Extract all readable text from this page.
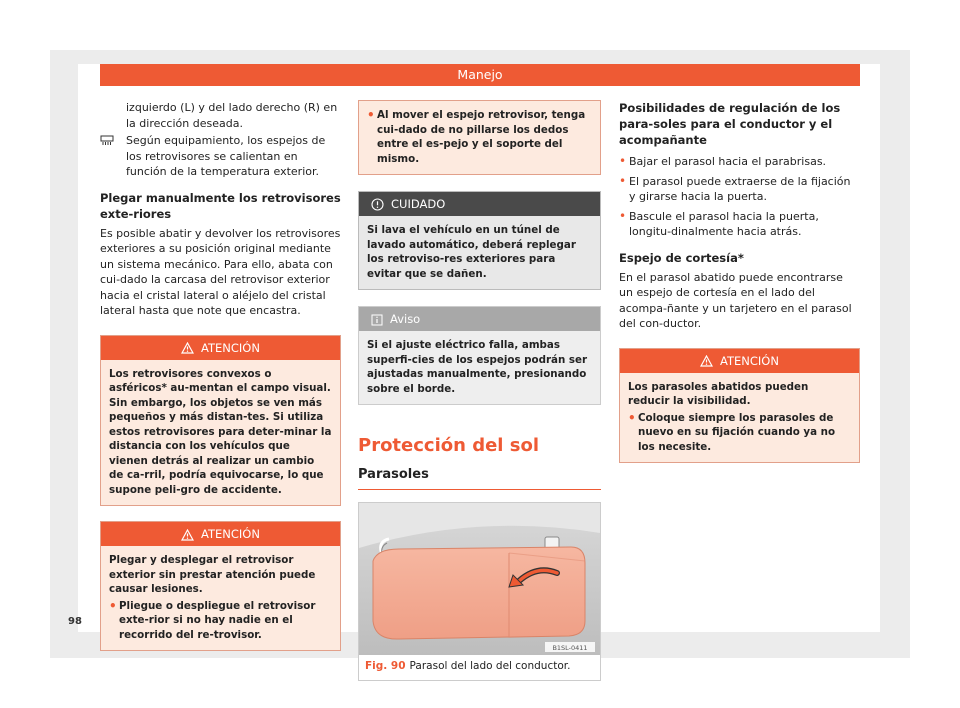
Manejo

izquierdo (L) y del lado derecho (R) en la dirección deseada.

Según equipamiento, los espejos de los retrovisores se calientan en función de la temperatura exterior.

Plegar manualmente los retrovisores exte-riores

Es posible abatir y devolver los retrovisores exteriores a su posición original mediante un sistema mecánico. Para ello, abata con cui-dado la carcasa del retrovisor exterior hacia el cristal lateral o aléjelo del cristal lateral hasta que note que encastra.

ATENCIÓN

Los retrovisores convexos o asféricos* au-mentan el campo visual. Sin embargo, los objetos se ven más pequeños y más distan-tes. Si utiliza estos retrovisores para deter-minar la distancia con los vehículos que vienen detrás al realizar un cambio de ca-rril, podría equivocarse, lo que supone peli-gro de accidente.

ATENCIÓN

Plegar y desplegar el retrovisor exterior sin prestar atención puede causar lesiones.

• Pliegue o despliegue el retrovisor exte-rior si no hay nadie en el recorrido del re-trovisor.

• Al mover el espejo retrovisor, tenga cui-dado de no pillarse los dedos entre el es-pejo y el soporte del mismo.

CUIDADO

Si lava el vehículo en un túnel de lavado automático, deberá replegar los retroviso-res exteriores para evitar que se dañen.

Aviso

Si el ajuste eléctrico falla, ambas superfi-cies de los espejos podrán ser ajustadas manualmente, presionando sobre el borde.

Protección del sol

Parasoles

B1SL-0411
Fig. 90 Parasol del lado del conductor.

Posibilidades de regulación de los para-soles para el conductor y el acompañante

• Bajar el parasol hacia el parabrisas.

• El parasol puede extraerse de la fijación y girarse hacia la puerta.

• Bascule el parasol hacia la puerta, longitu-dinalmente hacia atrás.

Espejo de cortesía*

En el parasol abatido puede encontrarse un espejo de cortesía en el lado del acompa-ñante y un tarjetero en el parasol del con-ductor.

ATENCIÓN

Los parasoles abatidos pueden reducir la visibilidad.

• Coloque siempre los parasoles de nuevo en su fijación cuando ya no los necesite.

98
